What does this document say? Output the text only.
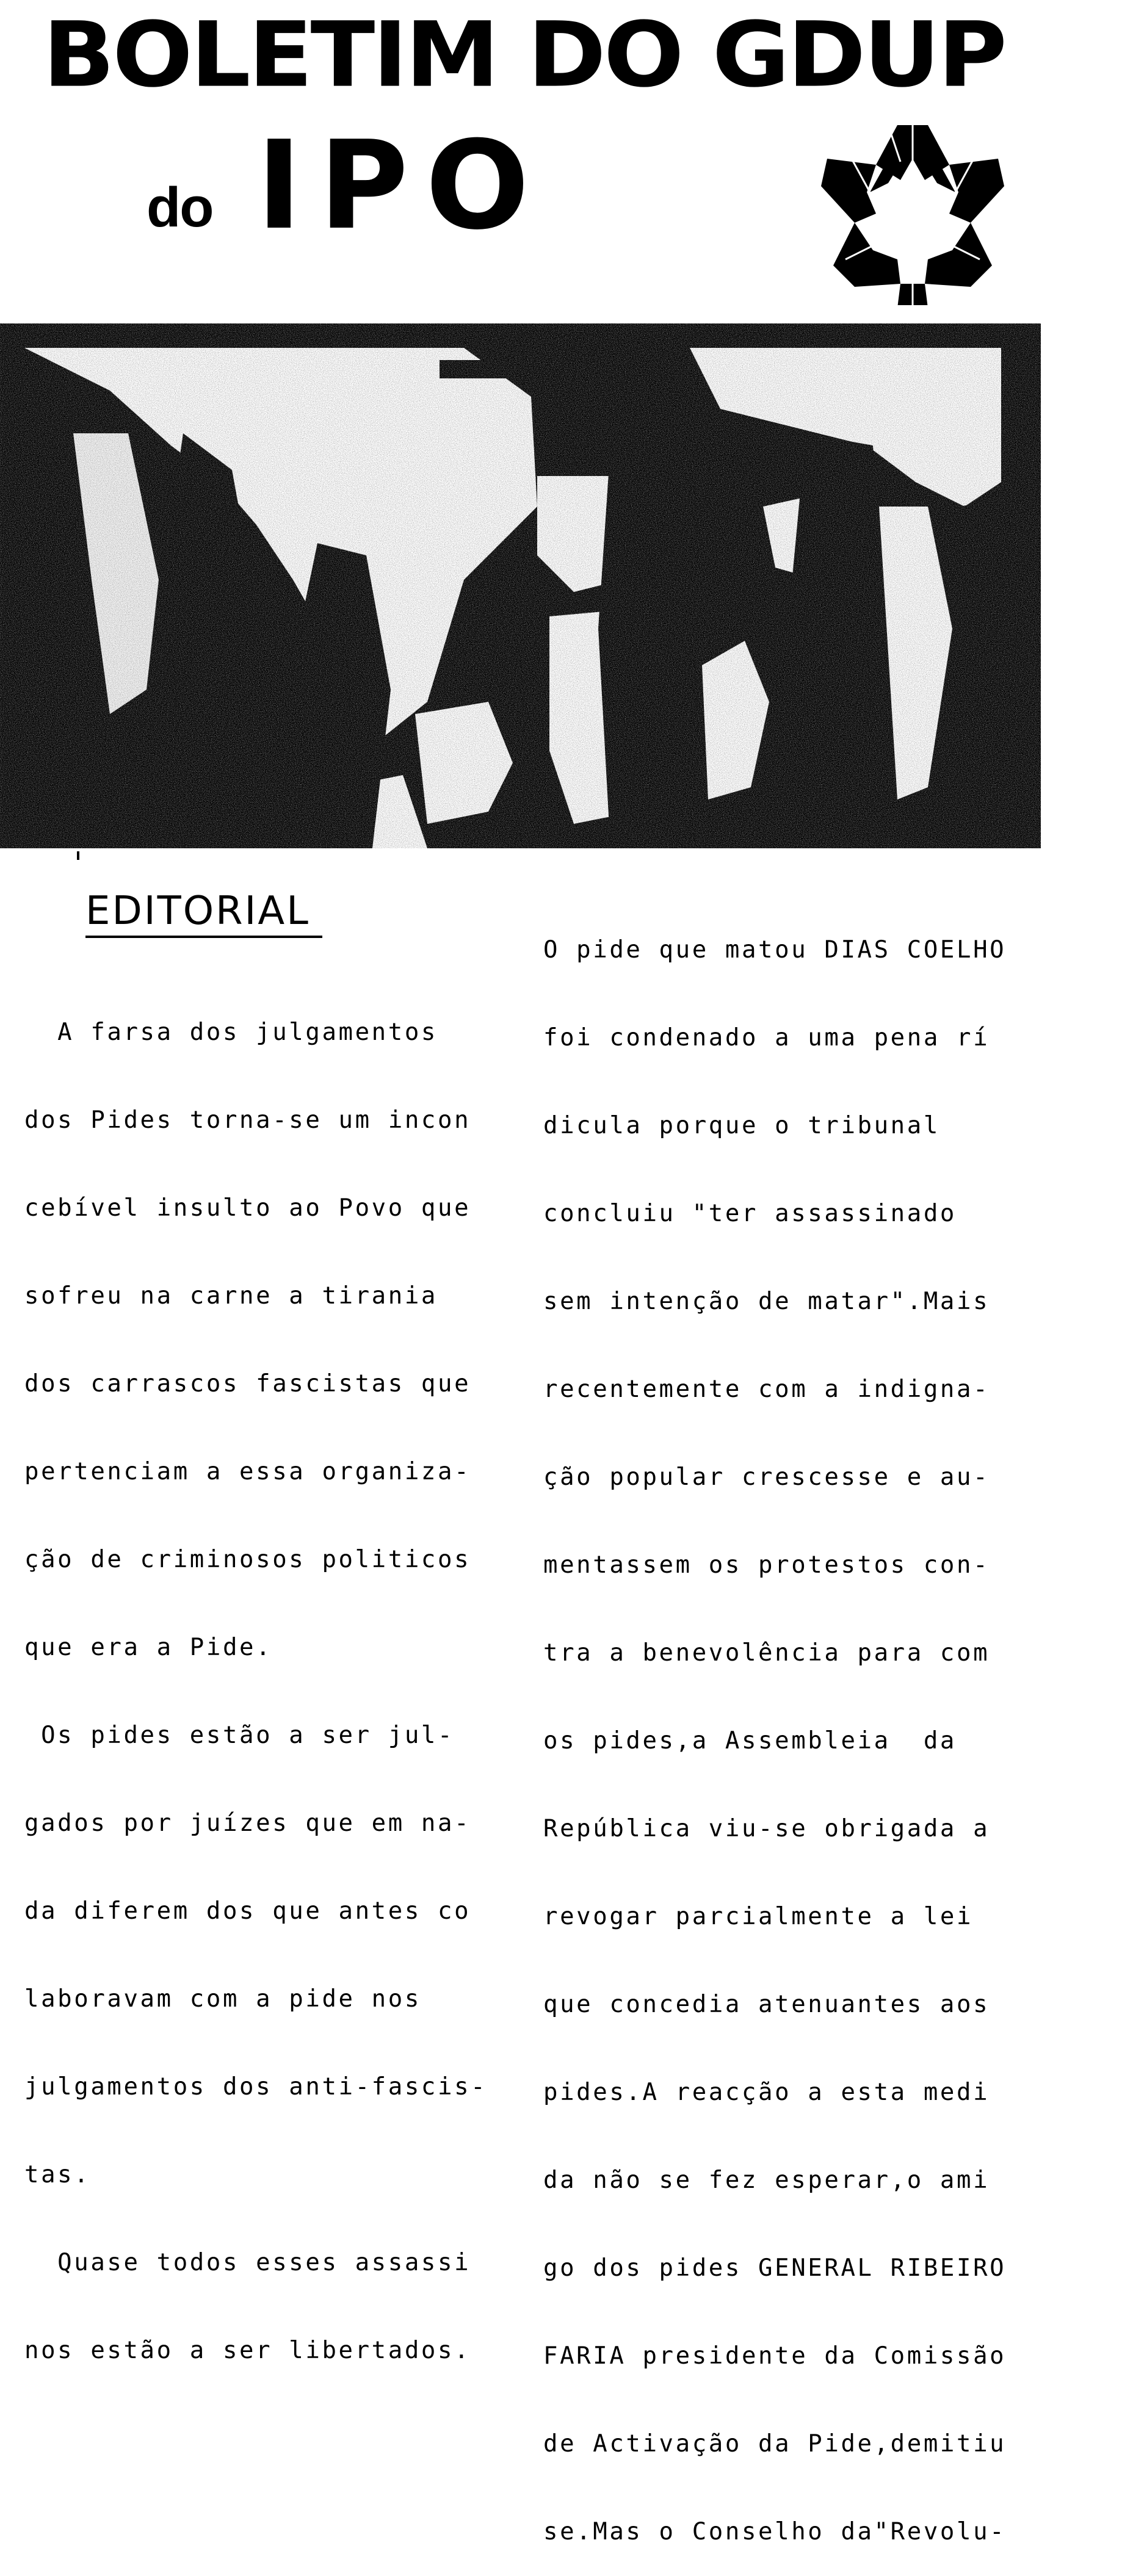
BOLETIM DO GDUP
do IPO
EDITORIAL

A farsa dos julgamentos

dos Pides torna-se um incon

cebível insulto ao Povo que

sofreu na carne a tirania

dos carrascos fascistas que

pertenciam a essa organiza-

ção de criminosos politicos

que era a Pide.

Os pides estão a ser jul-

gados por juízes que em na-

da diferem dos que antes co

laboravam com a pide nos

julgamentos dos anti-fascis-

tas.

Quase todos esses assassi

nos estão a ser libertados.

O pide que matou DIAS COELHO

foi condenado a uma pena rí

dicula porque o tribunal

concluiu "ter assassinado

sem intenção de matar".Mais

recentemente com a indigna-

ção popular crescesse e au-

mentassem os protestos con-

tra a benevolência para com

os pides,a Assembleia  da

República viu-se obrigada a

revogar parcialmente a lei

que concedia atenuantes aos

pides.A reacção a esta medi

da não se fez esperar,o ami

go dos pides GENERAL RIBEIRO

FARIA presidente da Comissão

de Activação da Pide,demitiu

se.Mas o Conselho da"Revolu-
